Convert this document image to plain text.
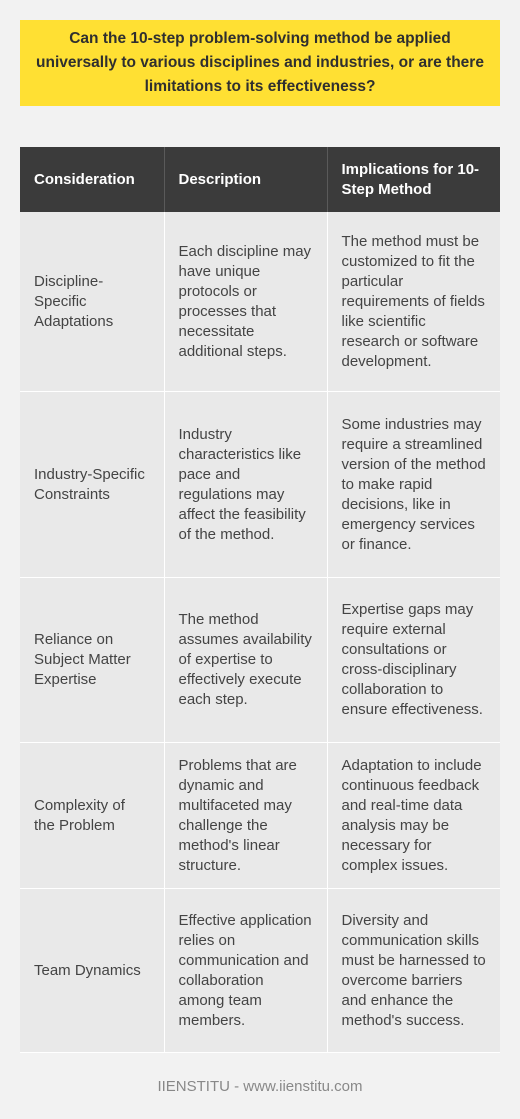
Can the 10-step problem-solving method be applied universally to various disciplines and industries, or are there limitations to its effectiveness?
Consideration	Description	Implications for 10-Step Method
Discipline-Specific Adaptations	Each discipline may have unique protocols or processes that necessitate additional steps.	The method must be customized to fit the particular requirements of fields like scientific research or software development.
Industry-Specific Constraints	Industry characteristics like pace and regulations may affect the feasibility of the method.	Some industries may require a streamlined version of the method to make rapid decisions, like in emergency services or finance.
Reliance on Subject Matter Expertise	The method assumes availability of expertise to effectively execute each step.	Expertise gaps may require external consultations or cross-disciplinary collaboration to ensure effectiveness.
Complexity of the Problem	Problems that are dynamic and multifaceted may challenge the method's linear structure.	Adaptation to include continuous feedback and real-time data analysis may be necessary for complex issues.
Team Dynamics	Effective application relies on communication and collaboration among team members.	Diversity and communication skills must be harnessed to overcome barriers and enhance the method's success.
IIENSTITU - www.iienstitu.com
